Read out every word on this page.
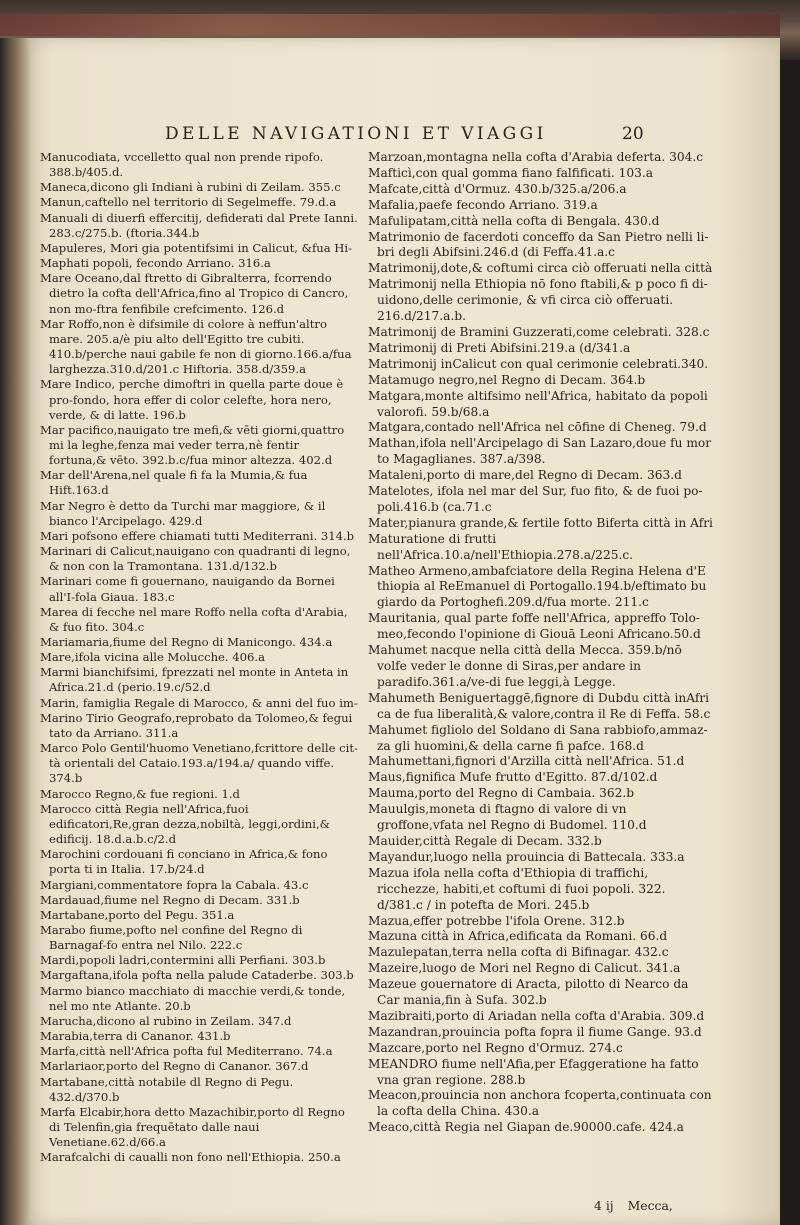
DELLE NAVIGATIONI ET VIAGGI	20

Manucodiata, vccelletto qual non prende ripofo. 388.b/405.d.

Maneca,dicono gli Indiani à rubini di Zeilam. 355.c

Manun,caftello nel territorio di Segelmeffe. 79.d.a

Manuali di diuerfi effercitij, defiderati dal Prete Ianni. 283.c/275.b. (ftoria.344.b

Mapuleres, Mori gia potentifsimi in Calicut, &fua Hi-

Maphati popoli, fecondo Arriano. 316.a

Mare Oceano,dal ftretto di Gibralterra, fcorrendo dietro la cofta dell'Africa,fino al Tropico di Cancro, non mo-ftra fenfibile crefcimento. 126.d

Mar Roffo,non è difsimile di colore à neffun'altro mare. 205.a/è piu alto dell'Egitto tre cubiti. 410.b/perche naui gabile fe non di giorno.166.a/fua larghezza.310.d/201.c Hiftoria. 358.d/359.a

Mare Indico, perche dimoftri in quella parte doue è pro-fondo, hora effer di color celefte, hora nero, verde, & di latte. 196.b

Mar pacifico,nauigato tre mefi,& vēti giorni,quattro mi la leghe,fenza mai veder terra,nè fentir fortuna,& vēto. 392.b.c/fua minor altezza. 402.d

Mar dell'Arena,nel quale fi fa la Mumia,& fua Hift.163.d

Mar Negro è detto da Turchi mar maggiore, & il bianco l'Arcipelago. 429.d

Mari pofsono effere chiamati tutti Mediterrani. 314.b

Marinari di Calicut,nauigano con quadranti di legno, & non con la Tramontana. 131.d/132.b

Marinari come fi gouernano, nauigando da Bornei all'I-fola Giaua. 183.c

Marea di fecche nel mare Roffo nella cofta d'Arabia, & fuo fito. 304.c

Mariamaria,fiume del Regno di Manicongo. 434.a

Mare,ifola vicina alle Molucche. 406.a

Marmi bianchifsimi, fprezzati nel monte in Anteta in Africa.21.d (perio.19.c/52.d

Marin, famiglia Regale di Marocco, & anni del fuo im-

Marino Tirio Geografo,reprobato da Tolomeo,& fegui tato da Arriano. 311.a

Marco Polo Gentil'huomo Venetiano,fcrittore delle cit-tà orientali del Cataio.193.a/194.a/ quando viffe. 374.b

Marocco Regno,& fue regioni. 1.d

Marocco città Regia nell'Africa,fuoi edificatori,Re,gran dezza,nobiltà, leggi,ordini,& edificij. 18.d.a.b.c/2.d

Marochini cordouani fi conciano in Africa,& fono porta ti in Italia. 17.b/24.d

Margiani,commentatore fopra la Cabala. 43.c

Mardauad,fiume nel Regno di Decam. 331.b

Martabane,porto del Pegu. 351.a

Marabo fiume,pofto nel confine del Regno di Barnagaf-fo entra nel Nilo. 222.c

Mardi,popoli ladri,contermini alli Perfiani. 303.b

Margaftana,ifola pofta nella palude Cataderbe. 303.b

Marmo bianco macchiato di macchie verdi,& tonde, nel mo nte Atlante. 20.b

Marucha,dicono al rubino in Zeilam. 347.d

Marabia,terra di Cananor. 431.b

Marfa,città nell'Africa pofta ful Mediterrano. 74.a

Marlariaor,porto del Regno di Cananor. 367.d

Martabane,città notabile dl Regno di Pegu. 432.d/370.b

Marfa Elcabir,hora detto Mazachibir,porto dl Regno di Telenfin,gia frequētato dalle naui Venetiane.62.d/66.a

Marafcalchi di caualli non fono nell'Ethiopia. 250.a

Marzoan,montagna nella cofta d'Arabia deferta. 304.c

Mafticì,con qual gomma fiano falfificati. 103.a

Mafcate,città d'Ormuz. 430.b/325.a/206.a

Mafalia,paefe fecondo Arriano. 319.a

Mafulipatam,città nella cofta di Bengala. 430.d

Matrimonio de facerdoti conceffo da San Pietro nelli li-bri degli Abifsini.246.d (di Feffa.41.a.c

Matrimonij,dote,& coftumi circa ciò offeruati nella città

Matrimonij nella Ethiopia nō fono ftabili,& p poco fi di-uidono,delle cerimonie, & vfi circa ciò offeruati. 216.d/217.a.b.

Matrimonij de Bramini Guzzerati,come celebrati. 328.c

Matrimonij di Preti Abifsini.219.a (d/341.a

Matrimonij inCalicut con qual cerimonie celebrati.340.

Matamugo negro,nel Regno di Decam. 364.b

Matgara,monte altifsimo nell'Africa, habitato da popoli valorofi. 59.b/68.a

Matgara,contado nell'Africa nel cōfine di Cheneg. 79.d

Mathan,ifola nell'Arcipelago di San Lazaro,doue fu mor to Magaglianes. 387.a/398.

Mataleni,porto di mare,del Regno di Decam. 363.d

Matelotes, ifola nel mar del Sur, fuo fito, & de fuoi po-poli.416.b (ca.71.c

Mater,pianura grande,& fertile fotto Biferta città in Afri

Maturatione di frutti nell'Africa.10.a/nell'Ethiopia.278.a/225.c.

Matheo Armeno,ambafciatore della Regina Helena d'E thiopia al ReEmanuel di Portogallo.194.b/eftimato bu giardo da Portoghefi.209.d/fua morte. 211.c

Mauritania, qual parte foffe nell'Africa, appreffo Tolo-meo,fecondo l'opinione di Giouā Leoni Africano.50.d

Mahumet nacque nella città della Mecca. 359.b/nō volfe veder le donne di Siras,per andare in paradifo.361.a/ve-di fue leggi,à Legge.

Mahumeth Beniguertaggē,fignore di Dubdu città inAfri ca de fua liberalità,& valore,contra il Re di Feffa. 58.c

Mahumet figliolo del Soldano di Sana rabbiofo,ammaz-za gli huomini,& della carne fi pafce. 168.d

Mahumettani,fignori d'Arzilla città nell'Africa. 51.d

Maus,fignifica Mufe frutto d'Egitto. 87.d/102.d

Mauma,porto del Regno di Cambaia. 362.b

Mauulgis,moneta di ftagno di valore di vn groffone,vfata nel Regno di Budomel. 110.d

Mauider,città Regale di Decam. 332.b

Mayandur,luogo nella prouincia di Battecala. 333.a

Mazua ifola nella cofta d'Ethiopia di traffichi, ricchezze, habiti,et coftumi di fuoi popoli. 322. d/381.c / in potefta de Mori. 245.b

Mazua,effer potrebbe l'ifola Orene. 312.b

Mazuna città in Africa,edificata da Romani. 66.d

Mazulepatan,terra nella cofta di Bifinagar. 432.c

Mazeire,luogo de Mori nel Regno di Calicut. 341.a

Mazeue gouernatore di Aracta, pilotto di Nearco da Car mania,fin à Sufa. 302.b

Mazibraiti,porto di Ariadan nella cofta d'Arabia. 309.d

Mazandran,prouincia pofta fopra il fiume Gange. 93.d

Mazcare,porto nel Regno d'Ormuz. 274.c

MEANDRO fiume nell'Afia,per Efaggeratione ha fatto vna gran regione. 288.b

Meacon,prouincia non anchora fcoperta,continuata con la cofta della China. 430.a

Meaco,città Regia nel Giapan de.90000.cafe. 424.a

4 ij Mecca,
